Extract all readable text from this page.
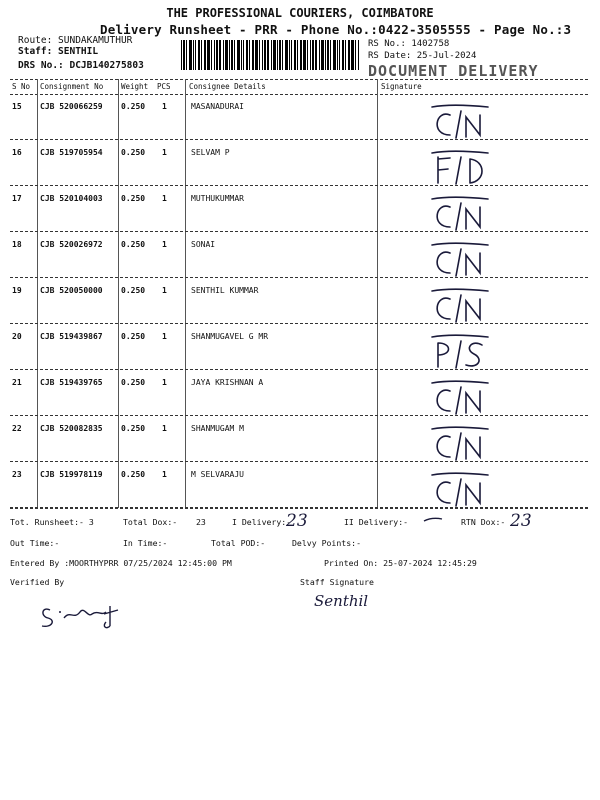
THE PROFESSIONAL COURIERS, COIMBATORE
Delivery Runsheet - PRR - Phone No.:0422-3505555 - Page No.:3
Route: SUNDAKAMUTHUR
Staff: SENTHIL
DRS No.: DCJB140275803
RS No.: 1402758
RS Date: 25-Jul-2024
DOCUMENT DELIVERY
S No Consignment No Weight PCS Consignee Details	Signature
15 CJB 520066259 0.250 1	MASANADURAI
16 CJB 519705954 0.250 1	SELVAM P
17 CJB 520104003 0.250 1	MUTHUKUMMAR
18 CJB 520026972 0.250 1	SONAI
19 CJB 520050000 0.250 1	SENTHIL KUMMAR
20 CJB 519439867 0.250 1	SHANMUGAVEL G MR
21 CJB 519439765 0.250 1	JAYA KRISHNAN A
22 CJB 520082835 0.250 1	SHANMUGAM M
23 CJB 519978119 0.250 1	M SELVARAJU
Tot. Runsheet:- 3	Total Dox:- 23	I Delivery:-	II Delivery:-	RTN Dox:-
23	23
Out Time:-	In Time:-	Total POD:-	Delvy Points:-
Entered By :MOORTHYPRR 07/25/2024 12:45:00 PM	Printed On: 25-07-2024 12:45:29
Verified By	Staff Signature
Senthil
